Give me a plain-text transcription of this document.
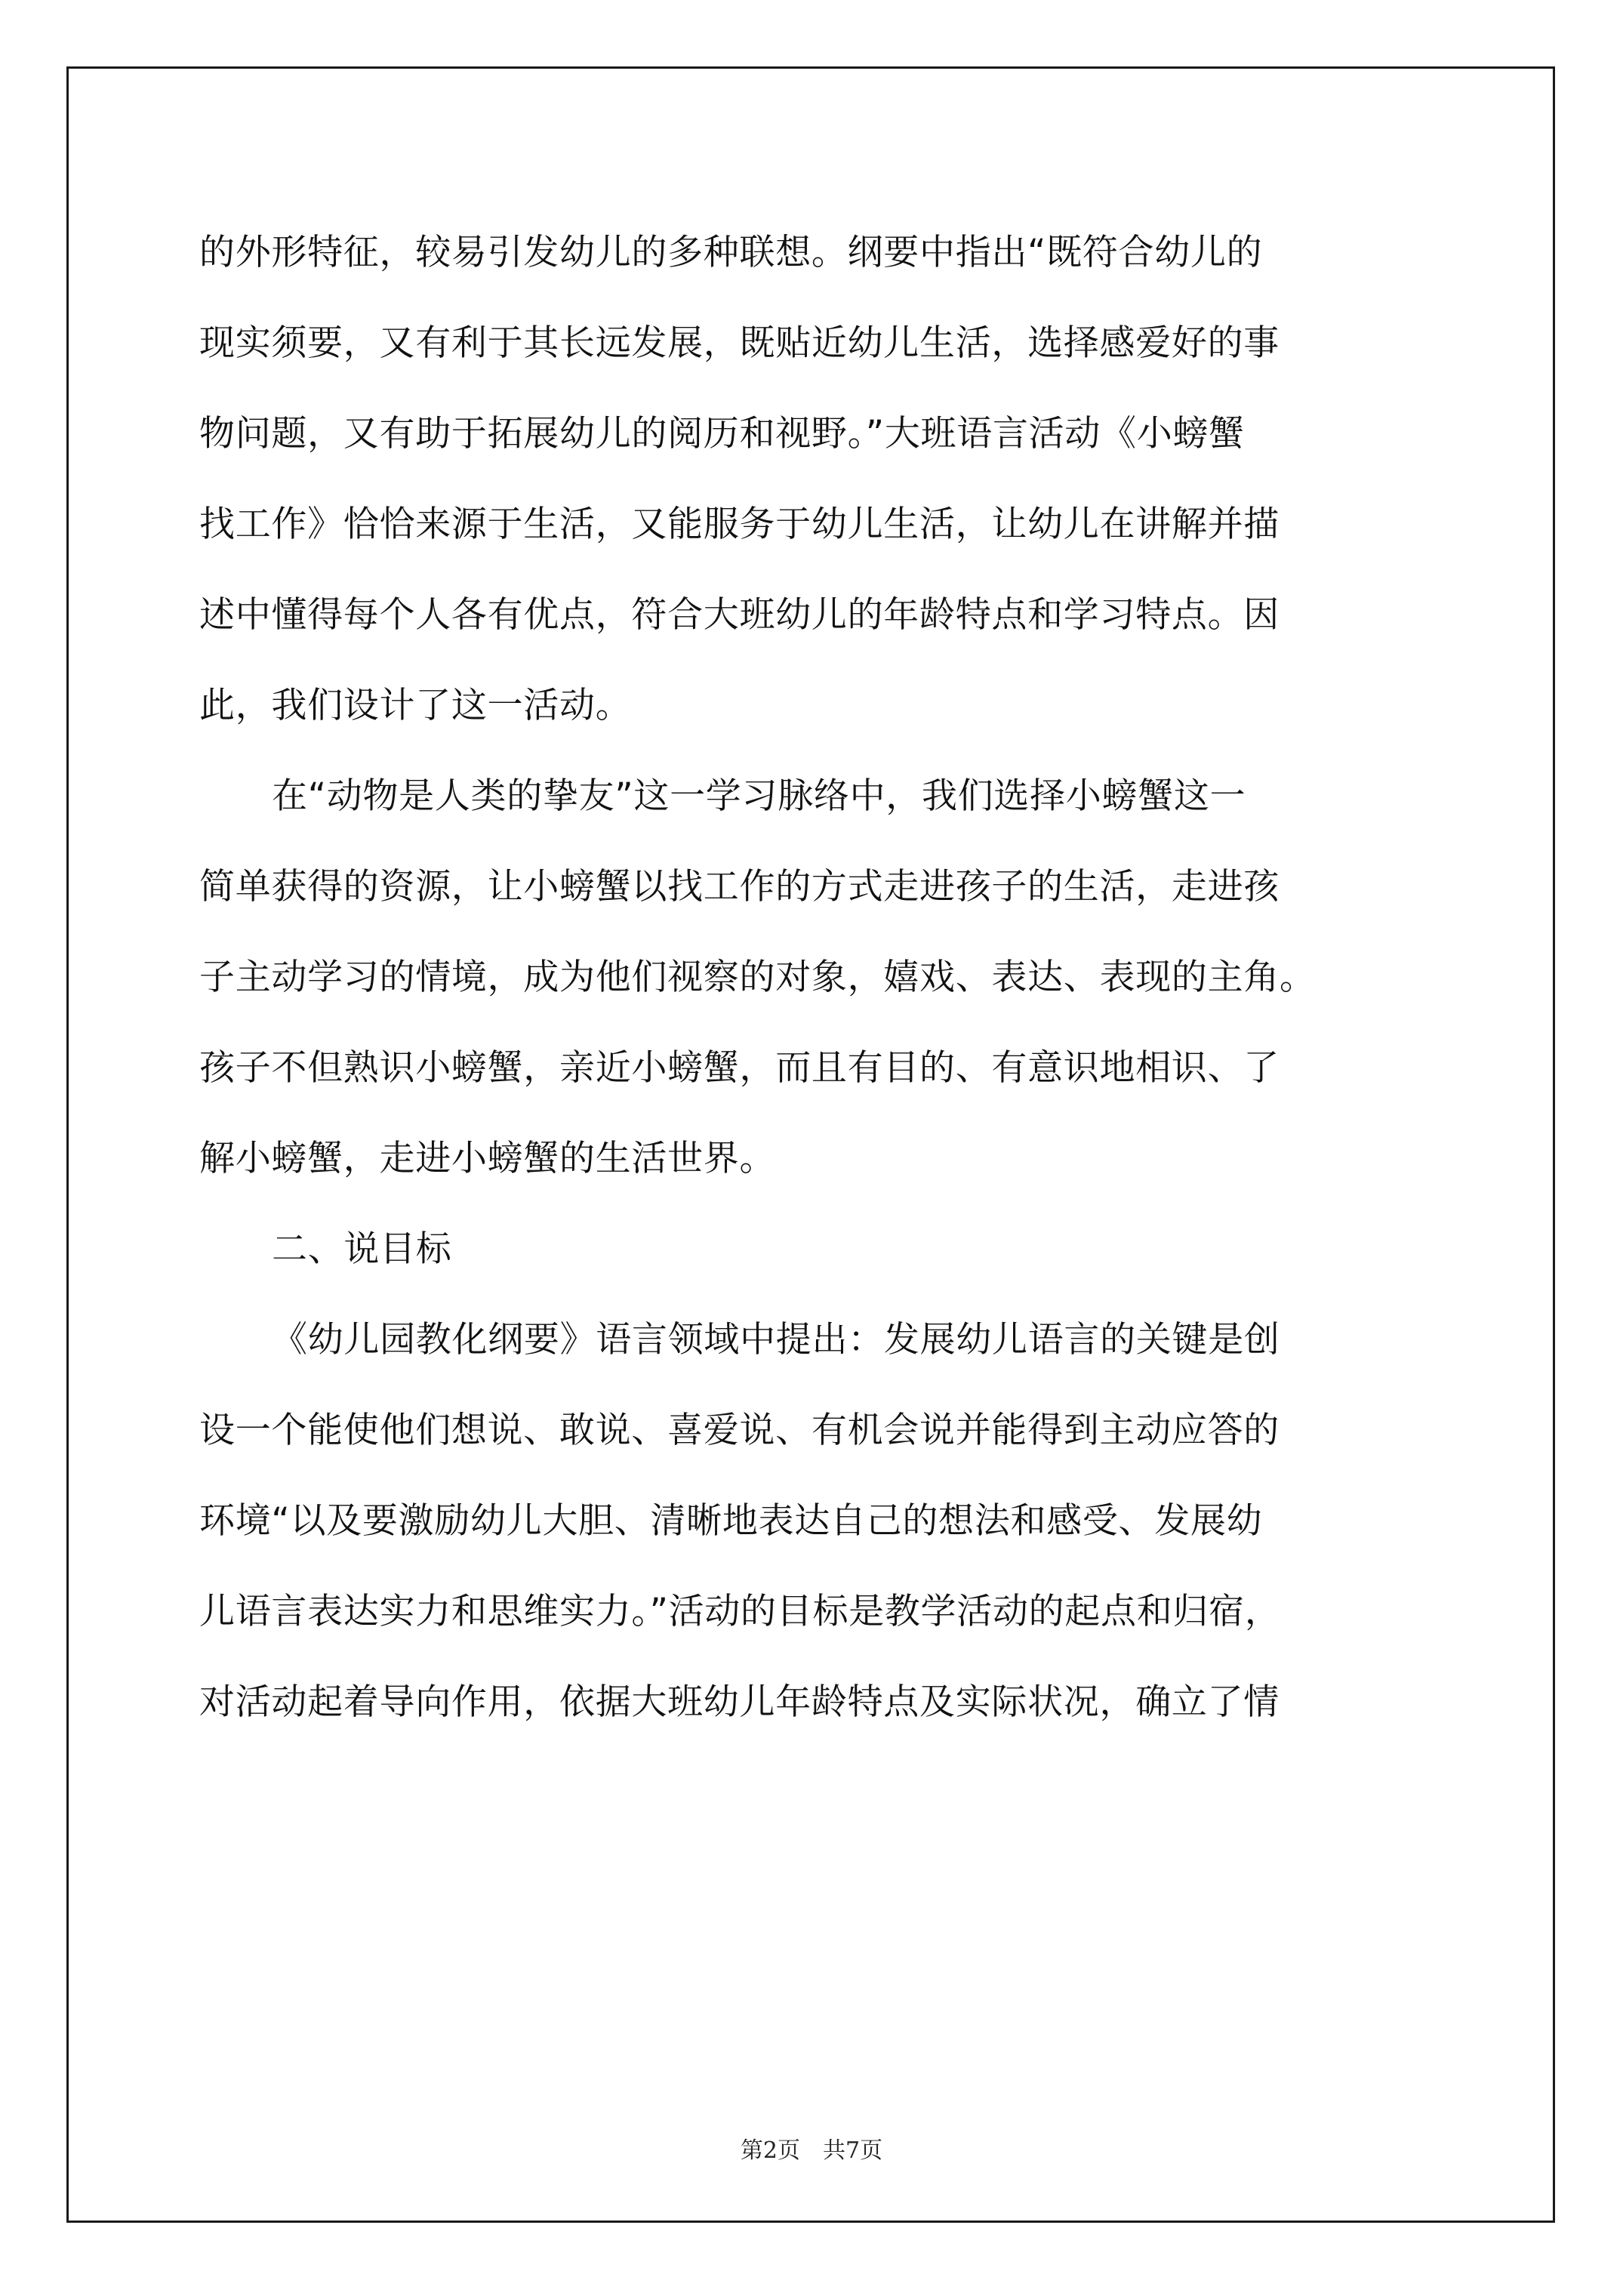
的外形特征，较易引发幼儿的多种联想。纲要中指出“既符合幼儿的
现实须要，又有利于其长远发展，既贴近幼儿生活，选择感爱好的事
物问题，又有助于拓展幼儿的阅历和视野。”大班语言活动《小螃蟹
找工作》恰恰来源于生活，又能服务于幼儿生活，让幼儿在讲解并描
述中懂得每个人各有优点，符合大班幼儿的年龄特点和学习特点。因
此，我们设计了这一活动。
在“动物是人类的挚友”这一学习脉络中，我们选择小螃蟹这一
简单获得的资源，让小螃蟹以找工作的方式走进孩子的生活，走进孩
子主动学习的情境，成为他们视察的对象，嬉戏、表达、表现的主角。
孩子不但熟识小螃蟹，亲近小螃蟹，而且有目的、有意识地相识、了
解小螃蟹，走进小螃蟹的生活世界。
二、说目标
《幼儿园教化纲要》语言领域中提出：发展幼儿语言的关键是创
设一个能使他们想说、敢说、喜爱说、有机会说并能得到主动应答的
环境“以及要激励幼儿大胆、清晰地表达自己的想法和感受、发展幼
儿语言表达实力和思维实力。”活动的目标是教学活动的起点和归宿，
对活动起着导向作用，依据大班幼儿年龄特点及实际状况，确立了情
第2页　共7页
